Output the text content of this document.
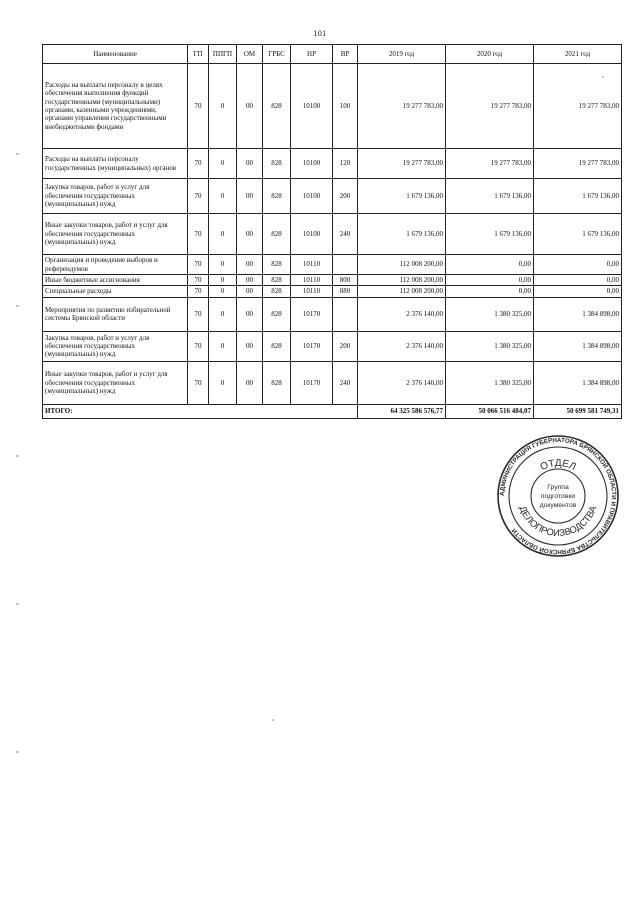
101
Наименование	ГП	ППГП	ОМ	ГРБС	НР	ВР	2019 год	2020 год	2021 год
Расходы на выплаты персоналу в целях обеспечения выполнения функций государственными (муниципальными) органами, казенными учреждениями, органами управления государственными внебюджетными фондами	70	0	00	828	10100	100	19 277 783,00	19 277 783,00	19 277 783,00
Расходы на выплаты персоналу государственных (муниципальных) органов	70	0	00	828	10100	120	19 277 783,00	19 277 783,00	19 277 783,00
Закупка товаров, работ и услуг для обеспечения государственных (муниципальных) нужд	70	0	00	828	10100	200	1 679 136,00	1 679 136,00	1 679 136,00
Иные закупки товаров, работ и услуг для обеспечения государственных (муниципальных) нужд	70	0	00	828	10100	240	1 679 136,00	1 679 136,00	1 679 136,00
Организация и проведение выборов и референдумов	70	0	00	828	10110		112 008 200,00	0,00	0,00
Иные бюджетные ассигнования	70	0	00	828	10110	800	112 008 200,00	0,00	0,00
Специальные расходы	70	0	00	828	10110	880	112 008 200,00	0,00	0,00
Мероприятия по развитию избирательной системы Брянской области	70	0	00	828	10170		2 376 140,00	1 380 325,00	1 384 898,00
Закупка товаров, работ и услуг для обеспечения государственных (муниципальных) нужд	70	0	00	828	10170	200	2 376 140,00	1 380 325,00	1 384 898,00
Иные закупки товаров, работ и услуг для обеспечения государственных (муниципальных) нужд	70	0	00	828	10170	240	2 376 140,00	1 380 325,00	1 384 898,00
ИТОГО:							64 325 586 576,77	50 066 516 484,07	50 699 581 749,31
АДМИНИСТРАЦИЯ ГУБЕРНАТОРА БРЯНСКОЙ ОБЛАСТИ И ПРАВИТЕЛЬСТВА БРЯНСКОЙ ОБЛАСТИ
ОТДЕЛ
ДЕЛОПРОИЗВОДСТВА
Группа
подготовки
документов
